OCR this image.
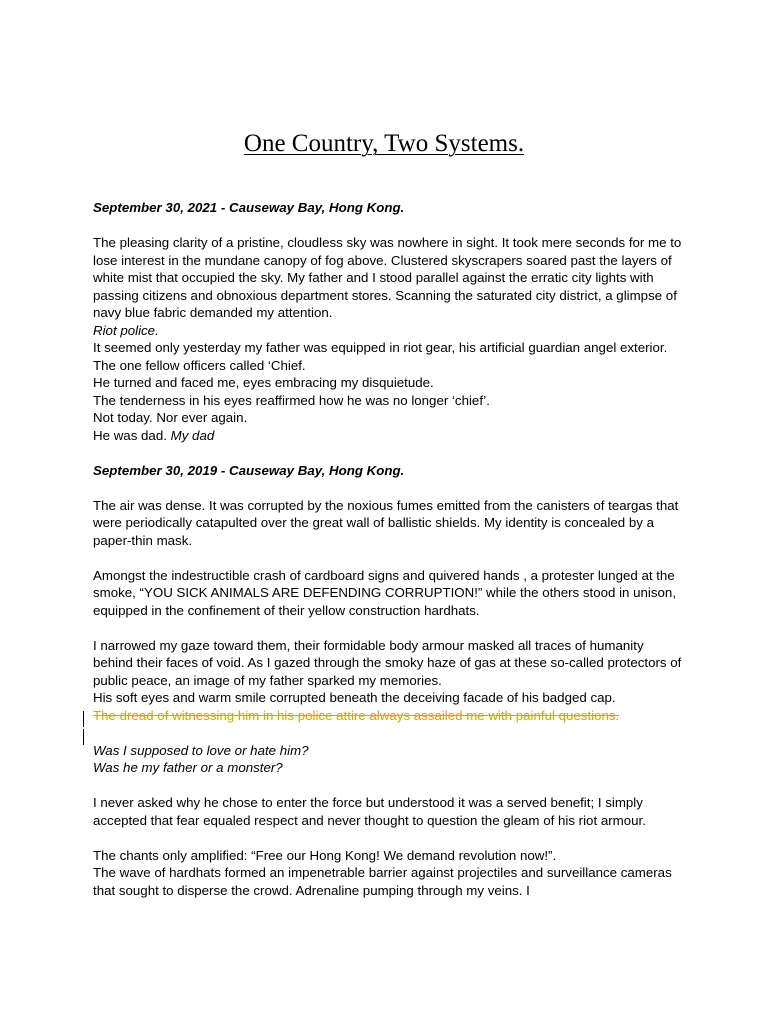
One Country, Two Systems.

September 30, 2021 - Causeway Bay, Hong Kong.

The pleasing clarity of a pristine, cloudless sky was nowhere in sight. It took mere seconds for me to lose interest in the mundane canopy of fog above. Clustered skyscrapers soared past the layers of white mist that occupied the sky. My father and I stood parallel against the erratic city lights with passing citizens and obnoxious department stores. Scanning the saturated city district, a glimpse of navy blue fabric demanded my attention.

Riot police.

It seemed only yesterday my father was equipped in riot gear, his artificial guardian angel exterior. The one fellow officers called ‘Chief.

He turned and faced me, eyes embracing my disquietude.

The tenderness in his eyes reaffirmed how he was no longer ‘chief’.

Not today. Nor ever again.

He was dad. My dad

September 30, 2019 - Causeway Bay, Hong Kong.

The air was dense. It was corrupted by the noxious fumes emitted from the canisters of teargas that were periodically catapulted over the great wall of ballistic shields. My identity is concealed by a paper-thin mask.

Amongst the indestructible crash of cardboard signs and quivered hands , a protester lunged at the smoke, “YOU SICK ANIMALS ARE DEFENDING CORRUPTION!” while the others stood in unison, equipped in the confinement of their yellow construction hardhats.

I narrowed my gaze toward them, their formidable body armour masked all traces of humanity behind their faces of void. As I gazed through the smoky haze of gas at these so-called protectors of public peace, an image of my father sparked my memories.

His soft eyes and warm smile corrupted beneath the deceiving facade of his badged cap.

The dread of witnessing him in his police attire always assailed me with painful questions.

Was I supposed to love or hate him?

Was he my father or a monster?

I never asked why he chose to enter the force but understood it was a served benefit; I simply accepted that fear equaled respect and never thought to question the gleam of his riot armour.

The chants only amplified: “Free our Hong Kong! We demand revolution now!”.

The wave of hardhats formed an impenetrable barrier against projectiles and surveillance cameras that sought to disperse the crowd. Adrenaline pumping through my veins. I
